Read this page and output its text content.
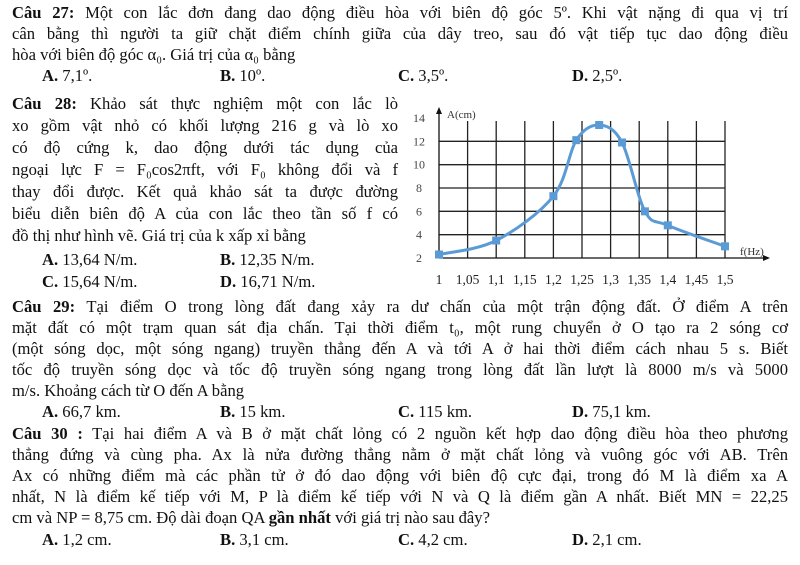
Câu 27: Một con lắc đơn đang dao động điều hòa với biên độ góc 5º. Khi vật nặng đi qua vị trí
cân bằng thì người ta giữ chặt điểm chính giữa của dây treo, sau đó vật tiếp tục dao động điều
hòa với biên độ góc α₀. Giá trị của α₀ bằng
A. 7,1º.	B. 10º.	C. 3,5º.	D. 2,5º.
Câu 28: Khảo sát thực nghiệm một con lắc lò
xo gồm vật nhỏ có khối lượng 216 g và lò xo
có độ cứng k, dao động dưới tác dụng của
ngoại lực F = F₀cos2πft, với F₀ không đổi và f
thay đổi được. Kết quả khảo sát ta được đường
biểu diễn biên độ A của con lắc theo tần số f có
đồ thị như hình vẽ. Giá trị của k xấp xỉ bằng
A. 13,64 N/m.	B. 12,35 N/m.
C. 15,64 N/m.	D. 16,71 N/m.	1 1,05 1,1 1,15 1,2 1,25 1,3 1,35 1,4 1,45 1,5
2
4
6
8
10
12
14 A(cm)
f(Hz)
Câu 29: Tại điểm O trong lòng đất đang xảy ra dư chấn của một trận động đất. Ở điểm A trên
mặt đất có một trạm quan sát địa chấn. Tại thời điểm t₀, một rung chuyển ở O tạo ra 2 sóng cơ
(một sóng dọc, một sóng ngang) truyền thẳng đến A và tới A ở hai thời điểm cách nhau 5 s. Biết
tốc độ truyền sóng dọc và tốc độ truyền sóng ngang trong lòng đất lần lượt là 8000 m/s và 5000
m/s. Khoảng cách từ O đến A bằng
A. 66,7 km.	B. 15 km.	C. 115 km.	D. 75,1 km.
Câu 30 : Tại hai điểm A và B ở mặt chất lỏng có 2 nguồn kết hợp dao động điều hòa theo phương
thẳng đứng và cùng pha. Ax là nửa đường thẳng nằm ở mặt chất lỏng và vuông góc với AB. Trên
Ax có những điểm mà các phần tử ở đó dao động với biên độ cực đại, trong đó M là điểm xa A
nhất, N là điểm kế tiếp với M, P là điểm kế tiếp với N và Q là điểm gần A nhất. Biết MN = 22,25
cm và NP = 8,75 cm. Độ dài đoạn QA gần nhất với giá trị nào sau đây?
A. 1,2 cm.	B. 3,1 cm.	C. 4,2 cm.	D. 2,1 cm.
